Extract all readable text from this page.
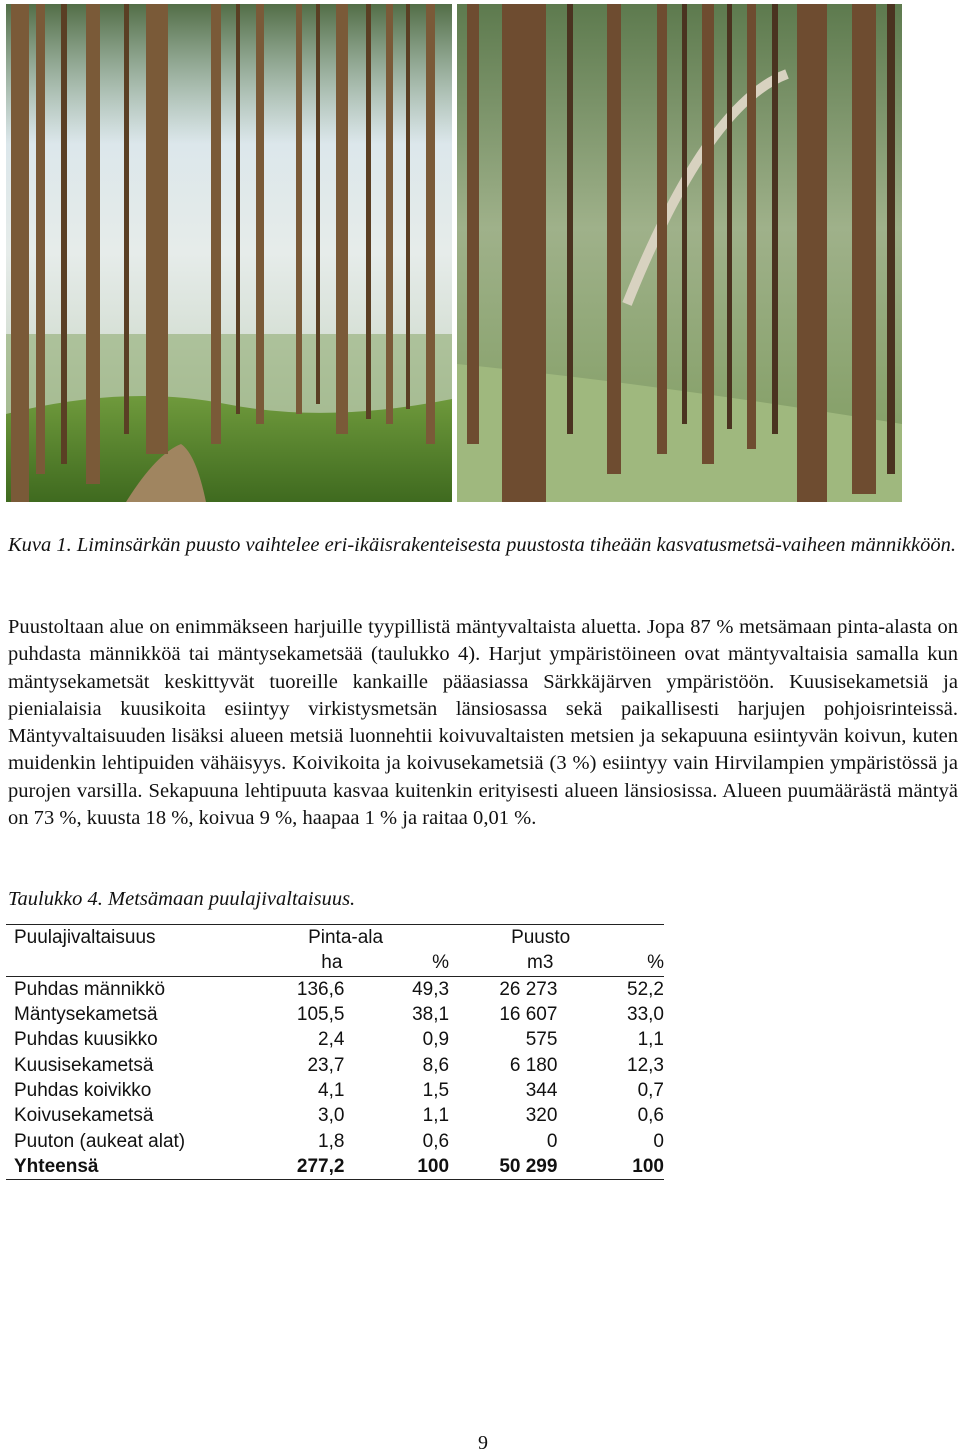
Kuva 1. Liminsärkän puusto vaihtelee eri-ikäisrakenteisesta puustosta tiheään kasvatusmetsä-vaiheen männikköön.
Puustoltaan alue on enimmäkseen harjuille tyypillistä mäntyvaltaista aluetta. Jopa 87 % metsämaan pinta-alasta on puhdasta männikköä tai mäntysekametsää (taulukko 4). Harjut ympäristöineen ovat mäntyvaltaisia samalla kun mäntysekametsät keskittyvät tuoreille kankaille pääasiassa Särkkäjärven ympäristöön. Kuusisekametsiä ja pienialaisia kuusikoita esiintyy virkistysmetsän länsiosassa sekä paikallisesti harjujen pohjoisrinteissä. Mäntyvaltaisuuden lisäksi alueen metsiä luonnehtii koivuvaltaisten metsien ja sekapuuna esiintyvän koivun, kuten muidenkin lehtipuiden vähäisyys. Koivikoita ja koivusekametsiä (3 %) esiintyy vain Hirvilampien ympäristössä ja purojen varsilla. Sekapuuna lehtipuuta kasvaa kuitenkin erityisesti alueen länsiosissa. Alueen puumäärästä mäntyä on 73 %, kuusta 18 %, koivua 9 %, haapaa 1 % ja raitaa 0,01 %.
Taulukko 4. Metsämaan puulajivaltaisuus.
Puulajivaltaisuus	Pinta-ala		Puusto	
	ha	%	m3	%
Puhdas männikkö	136,6	49,3	26 273	52,2
Mäntysekametsä	105,5	38,1	16 607	33,0
Puhdas kuusikko	2,4	0,9	575	1,1
Kuusisekametsä	23,7	8,6	6 180	12,3
Puhdas koivikko	4,1	1,5	344	0,7
Koivusekametsä	3,0	1,1	320	0,6
Puuton (aukeat alat)	1,8	0,6	0	0
Yhteensä	277,2	100	50 299	100
9
